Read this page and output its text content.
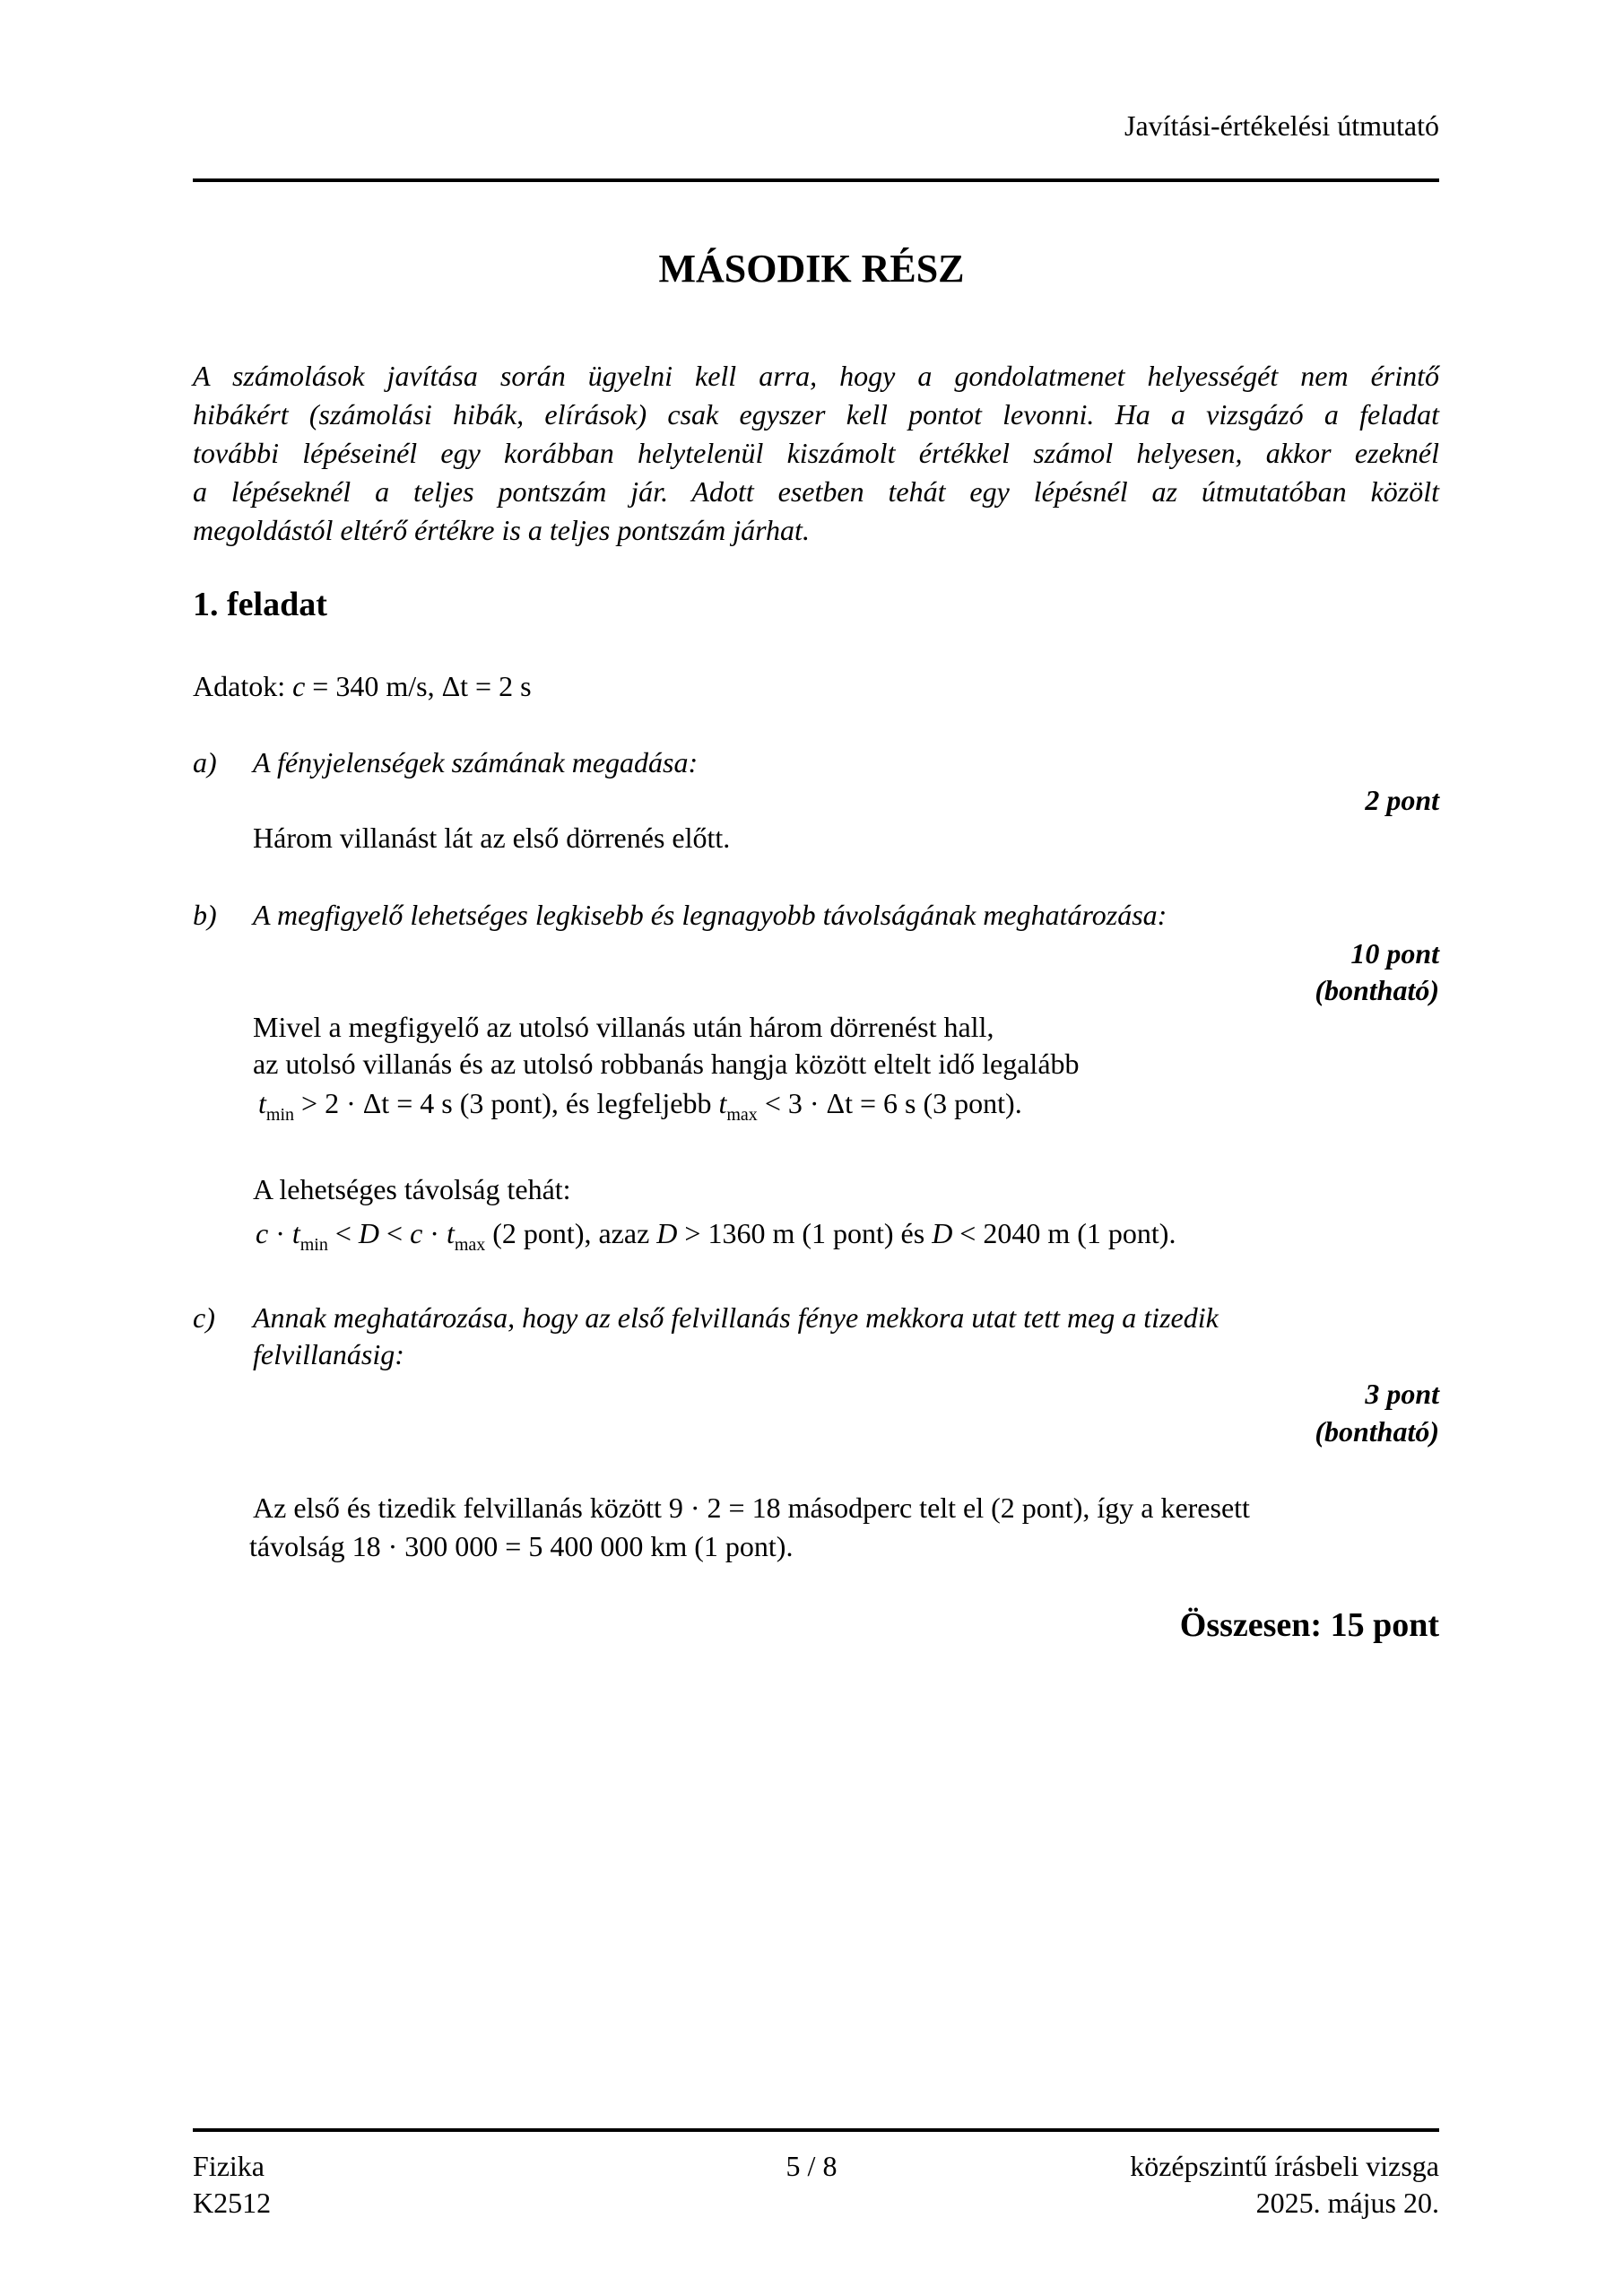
Javítási-értékelési útmutató
MÁSODIK RÉSZ
A számolások javítása során ügyelni kell arra, hogy a gondolatmenet helyességét nem érintő
hibákért (számolási hibák, elírások) csak egyszer kell pontot levonni. Ha a vizsgázó a feladat
további lépéseinél egy korábban helytelenül kiszámolt értékkel számol helyesen, akkor ezeknél
a lépéseknél a teljes pontszám jár. Adott esetben tehát egy lépésnél az útmutatóban közölt
megoldástól eltérő értékre is a teljes pontszám járhat.
1. feladat
Adatok: c = 340 m/s, Δt = 2 s
a) A fényjelenségek számának megadása:
2 pont
Három villanást lát az első dörrenés előtt.
b) A megfigyelő lehetséges legkisebb és legnagyobb távolságának meghatározása:
10 pont
(bontható)
Mivel a megfigyelő az utolsó villanás után három dörrenést hall,
az utolsó villanás és az utolsó robbanás hangja között eltelt idő legalább
$t_{min} > 2 \cdot \Delta t = 4$ s (3 pont), és legfeljebb $t_{max} < 3 \cdot \Delta t = 6$ s (3 pont).
A lehetséges távolság tehát:
$c \cdot t_{min} < D < c \cdot t_{max}$ (2 pont), azaz D > 1360 m (1 pont) és D < 2040 m (1 pont).
c) Annak meghatározása, hogy az első felvillanás fénye mekkora utat tett meg a tizedik
felvillanásig:
3 pont
(bontható)
Az első és tizedik felvillanás között 9 · 2 = 18 másodperc telt el (2 pont), így a keresett
távolság 18 · 300 000 = 5 400 000 km (1 pont).
Összesen: 15 pont
Fizika
K2512
5 / 8	középszintű írásbeli vizsga
2025. május 20.
